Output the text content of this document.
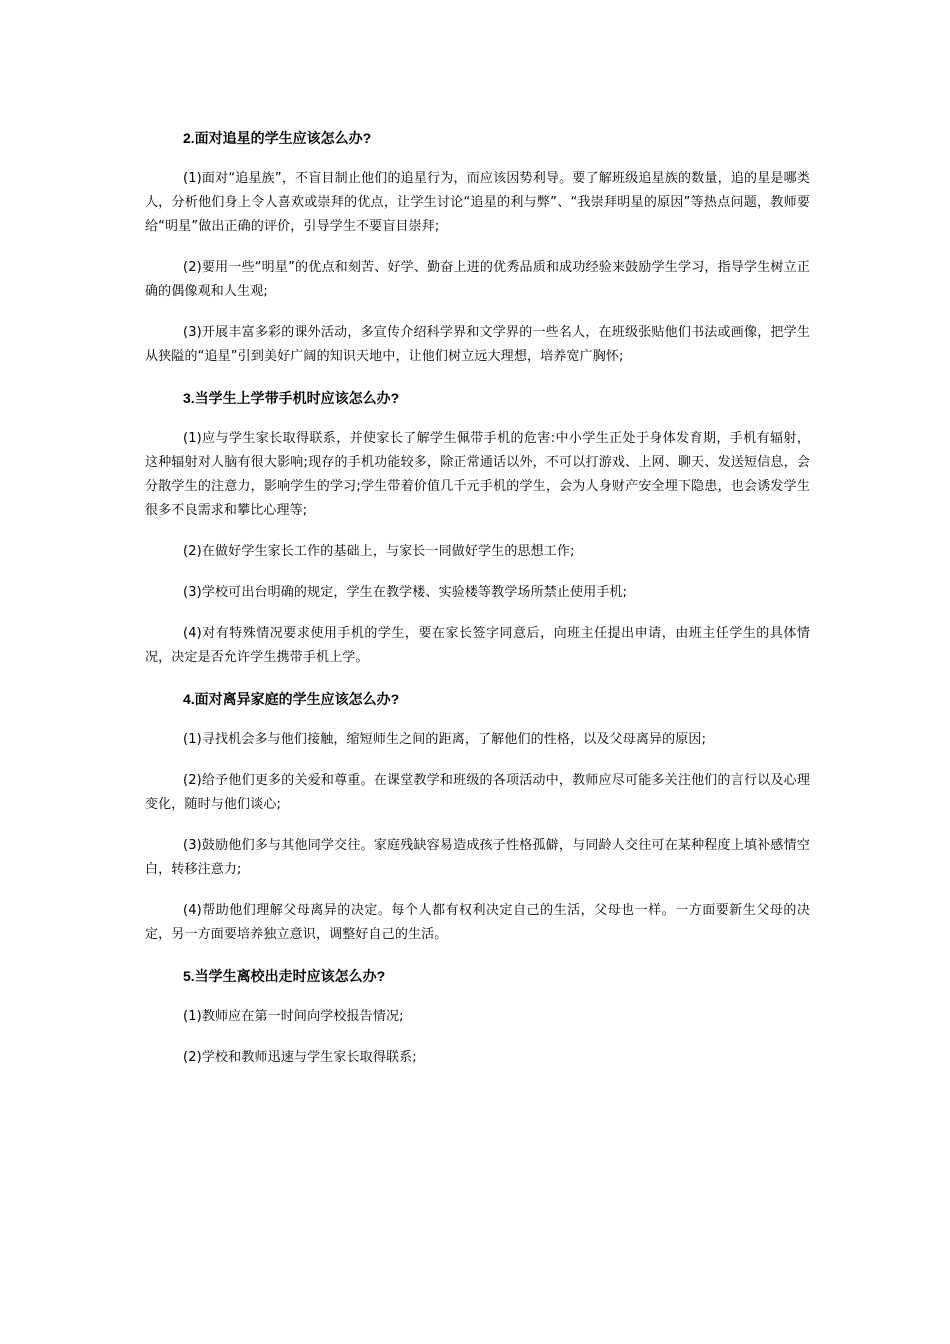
2.面对追星的学生应该怎么办?

(1)面对“追星族”，不盲目制止他们的追星行为，而应该因势利导。要了解班级追星族的数量，追的星是哪类人，分析他们身上令人喜欢或崇拜的优点，让学生讨论“追星的利与弊”、“我崇拜明星的原因”等热点问题，教师要给“明星”做出正确的评价，引导学生不要盲目崇拜;

(2)要用一些“明星”的优点和刻苦、好学、勤奋上进的优秀品质和成功经验来鼓励学生学习，指导学生树立正确的偶像观和人生观;

(3)开展丰富多彩的课外活动，多宣传介绍科学界和文学界的一些名人，在班级张贴他们书法或画像，把学生从狭隘的“追星”引到美好广阔的知识天地中，让他们树立远大理想，培养宽广胸怀;

3.当学生上学带手机时应该怎么办?

(1)应与学生家长取得联系，并使家长了解学生佩带手机的危害:中小学生正处于身体发育期，手机有辐射，这种辐射对人脑有很大影响;现存的手机功能较多，除正常通话以外，不可以打游戏、上网、聊天、发送短信息，会分散学生的注意力，影响学生的学习;学生带着价值几千元手机的学生，会为人身财产安全埋下隐患，也会诱发学生很多不良需求和攀比心理等;

(2)在做好学生家长工作的基础上，与家长一同做好学生的思想工作;

(3)学校可出台明确的规定，学生在教学楼、实验楼等教学场所禁止使用手机;

(4)对有特殊情况要求使用手机的学生，要在家长签字同意后，向班主任提出申请，由班主任学生的具体情况，决定是否允许学生携带手机上学。

4.面对离异家庭的学生应该怎么办?

(1)寻找机会多与他们接触，缩短师生之间的距离，了解他们的性格，以及父母离异的原因;

(2)给予他们更多的关爱和尊重。在课堂教学和班级的各项活动中，教师应尽可能多关注他们的言行以及心理变化，随时与他们谈心;

(3)鼓励他们多与其他同学交往。家庭残缺容易造成孩子性格孤僻，与同龄人交往可在某种程度上填补感情空白，转移注意力;

(4)帮助他们理解父母离异的决定。每个人都有权利决定自己的生活，父母也一样。一方面要新生父母的决定，另一方面要培养独立意识，调整好自己的生活。

5.当学生离校出走时应该怎么办?

(1)教师应在第一时间向学校报告情况;

(2)学校和教师迅速与学生家长取得联系;
